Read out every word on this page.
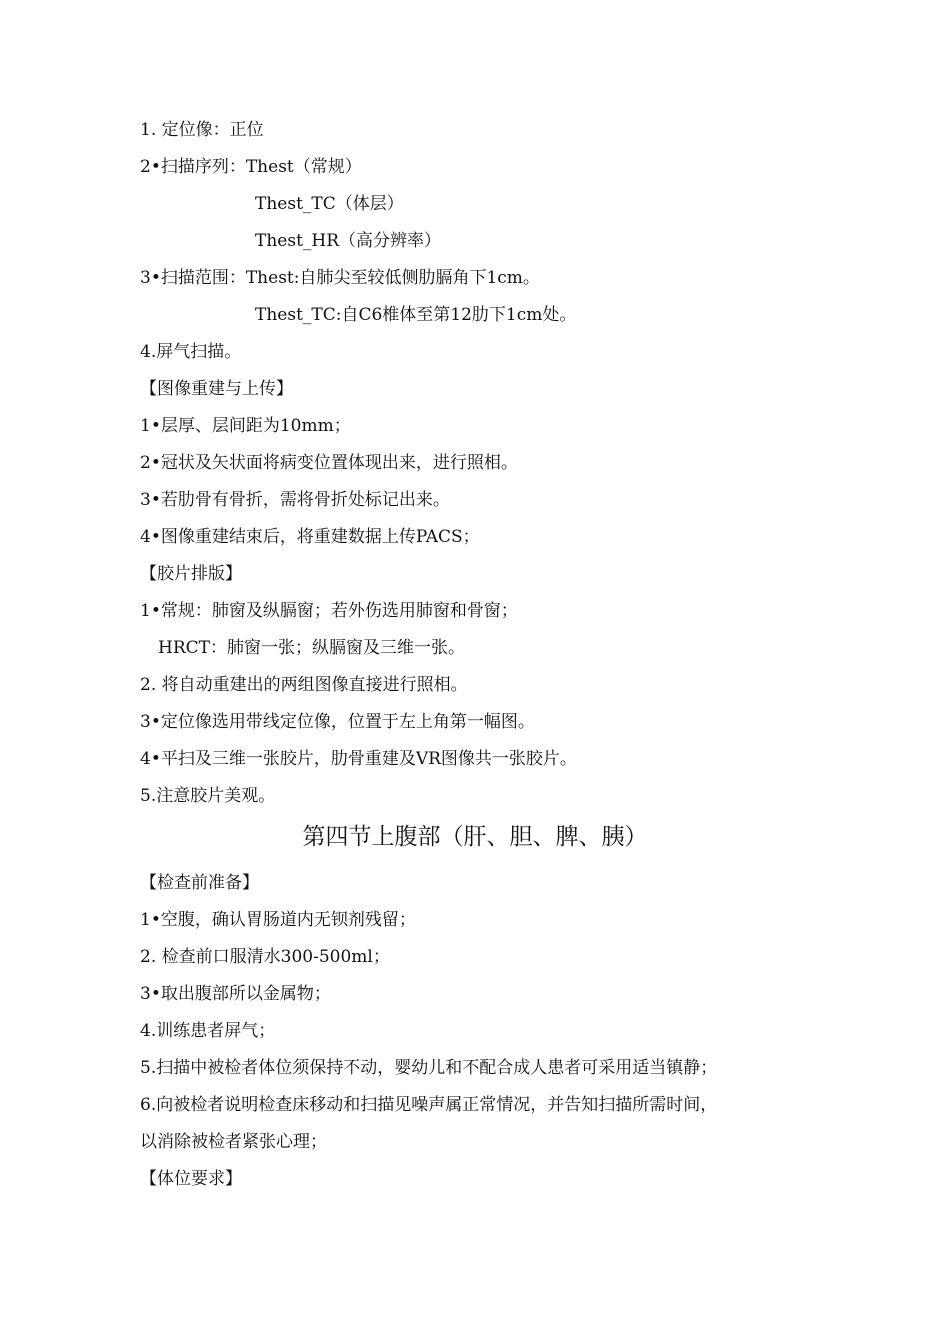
1. 定位像：正位
2•扫描序列：Thest（常规）
Thest_TC（体层）
Thest_HR（高分辨率）
3•扫描范围：Thest:自肺尖至较低侧肋膈角下1cm。
Thest_TC:自C6椎体至第12肋下1cm处。
4.屏气扫描。
【图像重建与上传】
1•层厚、层间距为10mm；
2•冠状及矢状面将病变位置体现出来，进行照相。
3•若肋骨有骨折，需将骨折处标记出来。
4•图像重建结束后，将重建数据上传PACS；
【胶片排版】
1•常规：肺窗及纵膈窗；若外伤选用肺窗和骨窗；
HRCT：肺窗一张；纵膈窗及三维一张。
2. 将自动重建出的两组图像直接进行照相。
3•定位像选用带线定位像，位置于左上角第一幅图。
4•平扫及三维一张胶片，肋骨重建及VR图像共一张胶片。
5.注意胶片美观。
第四节上腹部（肝、胆、脾、胰）
【检查前准备】
1•空腹，确认胃肠道内无钡剂残留；
2. 检查前口服清水300-500ml；
3•取出腹部所以金属物；
4.训练患者屏气；
5.扫描中被检者体位须保持不动，婴幼儿和不配合成人患者可采用适当镇静；
6.向被检者说明检查床移动和扫描见噪声属正常情况，并告知扫描所需时间，
以消除被检者紧张心理；
【体位要求】
